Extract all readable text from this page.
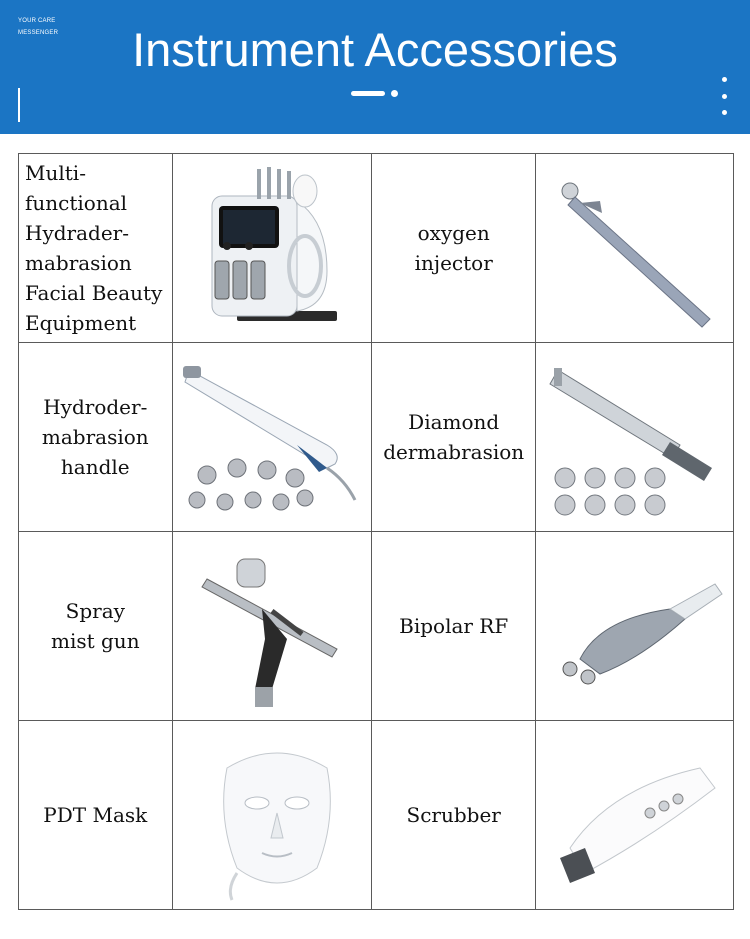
YOUR CARE
MESSENGER	Instrument Accessories
Multi-functional
Hydrader-
mabrasion
Facial Beauty
Equipment		oxygen
injector

Hydroder-
mabrasion
handle		Diamond
dermabrasion

Spray
mist gun		Bipolar RF

PDT Mask		Scrubber
